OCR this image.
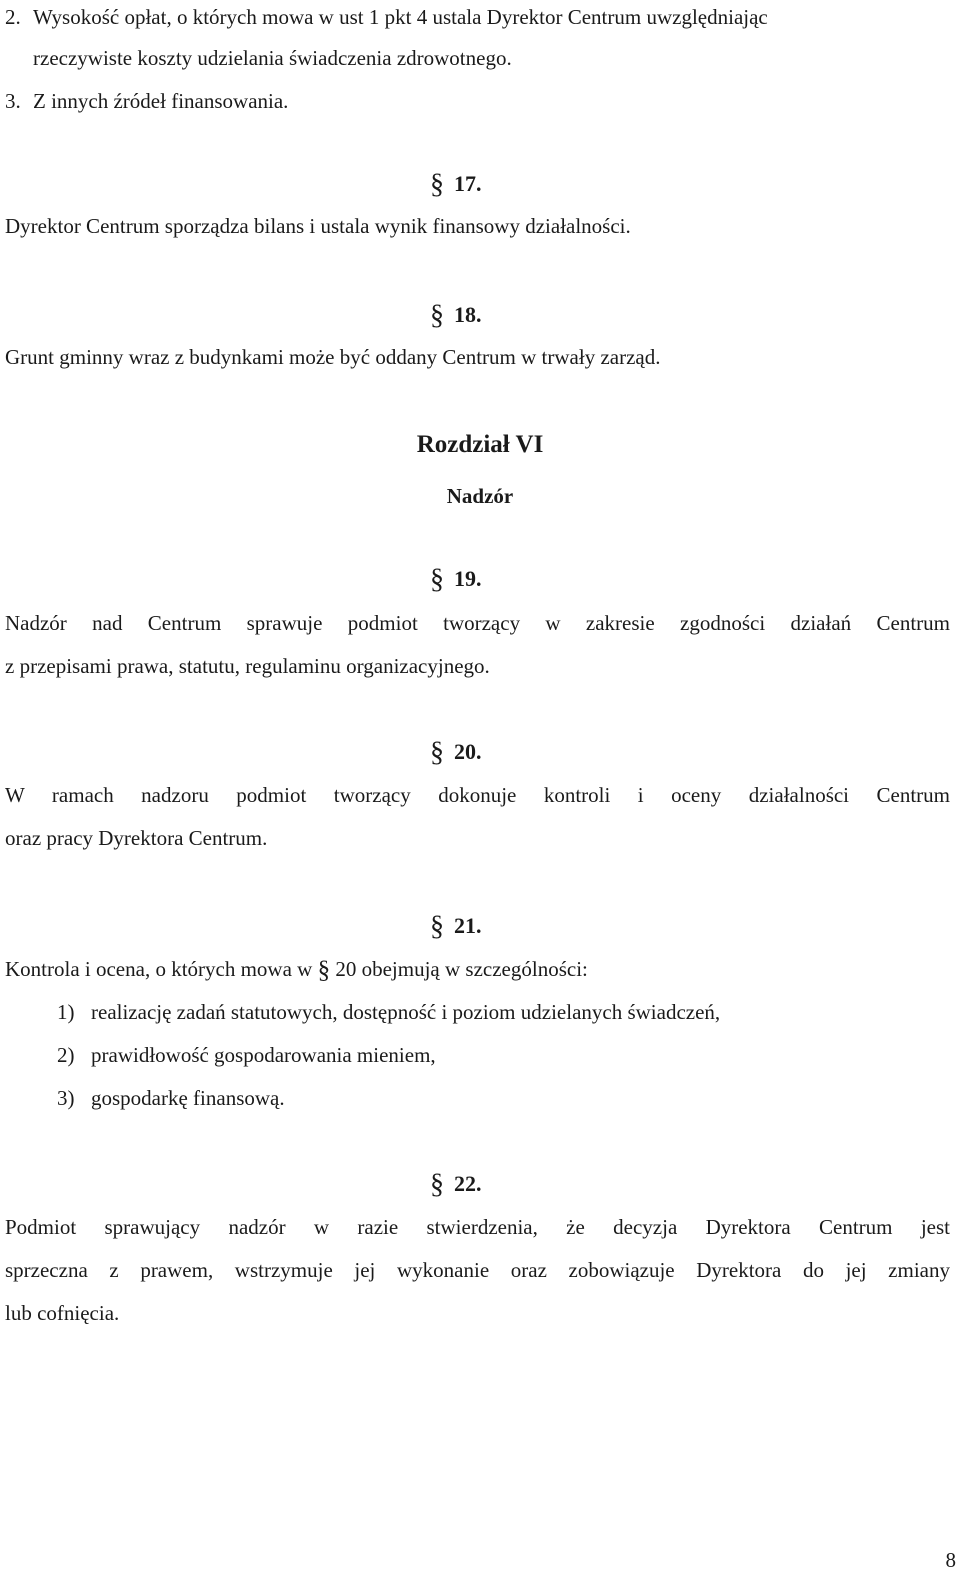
2. Wysokość opłat, o których mowa w ust 1 pkt 4 ustala Dyrektor Centrum uwzględniając
rzeczywiste koszty udzielania świadczenia zdrowotnego.
3. Z innych źródeł finansowania.
§ 17.
Dyrektor Centrum sporządza bilans i ustala wynik finansowy działalności.
§ 18.
Grunt gminny wraz z budynkami może być oddany Centrum w trwały zarząd.
Rozdział VI
Nadzór
§ 19.
Nadzór nad Centrum sprawuje podmiot tworzący w zakresie zgodności działań Centrum
z przepisami prawa, statutu, regulaminu organizacyjnego.
§ 20.
W ramach nadzoru podmiot tworzący dokonuje kontroli i oceny działalności Centrum
oraz pracy Dyrektora Centrum.
§ 21.
Kontrola i ocena, o których mowa w § 20 obejmują w szczególności:
1) realizację zadań statutowych, dostępność i poziom udzielanych świadczeń,
2) prawidłowość gospodarowania mieniem,
3) gospodarkę finansową.
§ 22.
Podmiot sprawujący nadzór w razie stwierdzenia, że decyzja Dyrektora Centrum jest
sprzeczna z prawem, wstrzymuje jej wykonanie oraz zobowiązuje Dyrektora do jej zmiany
lub cofnięcia.
8
